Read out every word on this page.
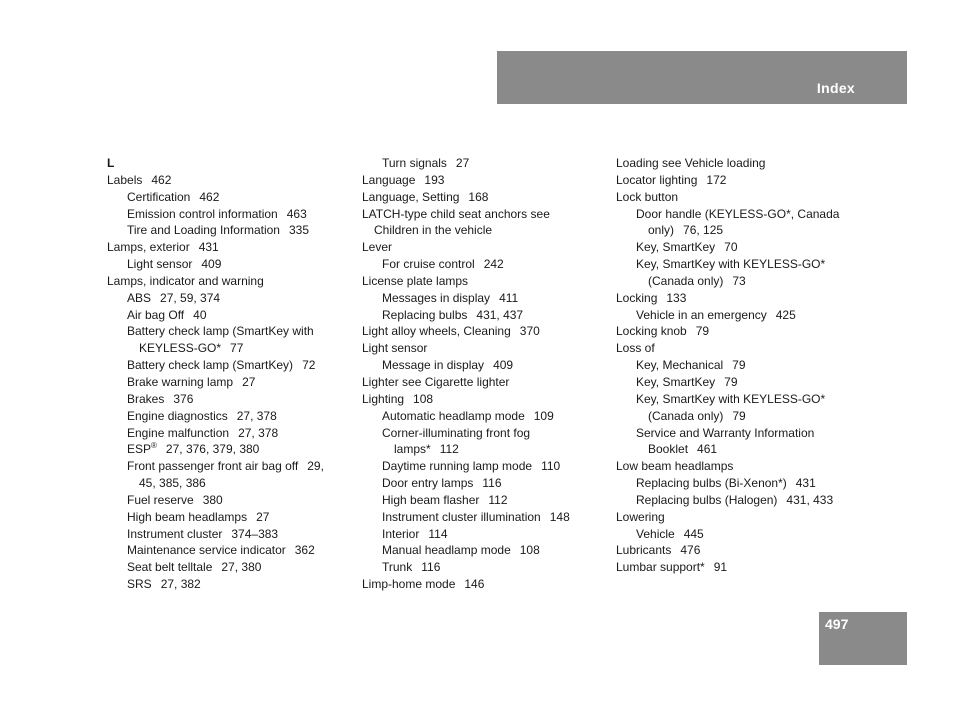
Index
L
Labels 462
Certification 462
Emission control information 463
Tire and Loading Information 335
Lamps, exterior 431
Light sensor 409
Lamps, indicator and warning
ABS 27, 59, 374
Air bag Off 40
Battery check lamp (SmartKey with
KEYLESS-GO* 77
Battery check lamp (SmartKey) 72
Brake warning lamp 27
Brakes 376
Engine diagnostics 27, 378
Engine malfunction 27, 378
ESP® 27, 376, 379, 380
Front passenger front air bag off 29,
45, 385, 386
Fuel reserve 380
High beam headlamps 27
Instrument cluster 374–383
Maintenance service indicator 362
Seat belt telltale 27, 380
SRS 27, 382
Turn signals 27
Language 193
Language, Setting 168
LATCH-type child seat anchors see
Children in the vehicle
Lever
For cruise control 242
License plate lamps
Messages in display 411
Replacing bulbs 431, 437
Light alloy wheels, Cleaning 370
Light sensor
Message in display 409
Lighter see Cigarette lighter
Lighting 108
Automatic headlamp mode 109
Corner-illuminating front fog
lamps* 112
Daytime running lamp mode 110
Door entry lamps 116
High beam flasher 112
Instrument cluster illumination 148
Interior 114
Manual headlamp mode 108
Trunk 116
Limp-home mode 146
Loading see Vehicle loading
Locator lighting 172
Lock button
Door handle (KEYLESS-GO*, Canada
only) 76, 125
Key, SmartKey 70
Key, SmartKey with KEYLESS-GO*
(Canada only) 73
Locking 133
Vehicle in an emergency 425
Locking knob 79
Loss of
Key, Mechanical 79
Key, SmartKey 79
Key, SmartKey with KEYLESS-GO*
(Canada only) 79
Service and Warranty Information
Booklet 461
Low beam headlamps
Replacing bulbs (Bi-Xenon*) 431
Replacing bulbs (Halogen) 431, 433
Lowering
Vehicle 445
Lubricants 476
Lumbar support* 91
497
